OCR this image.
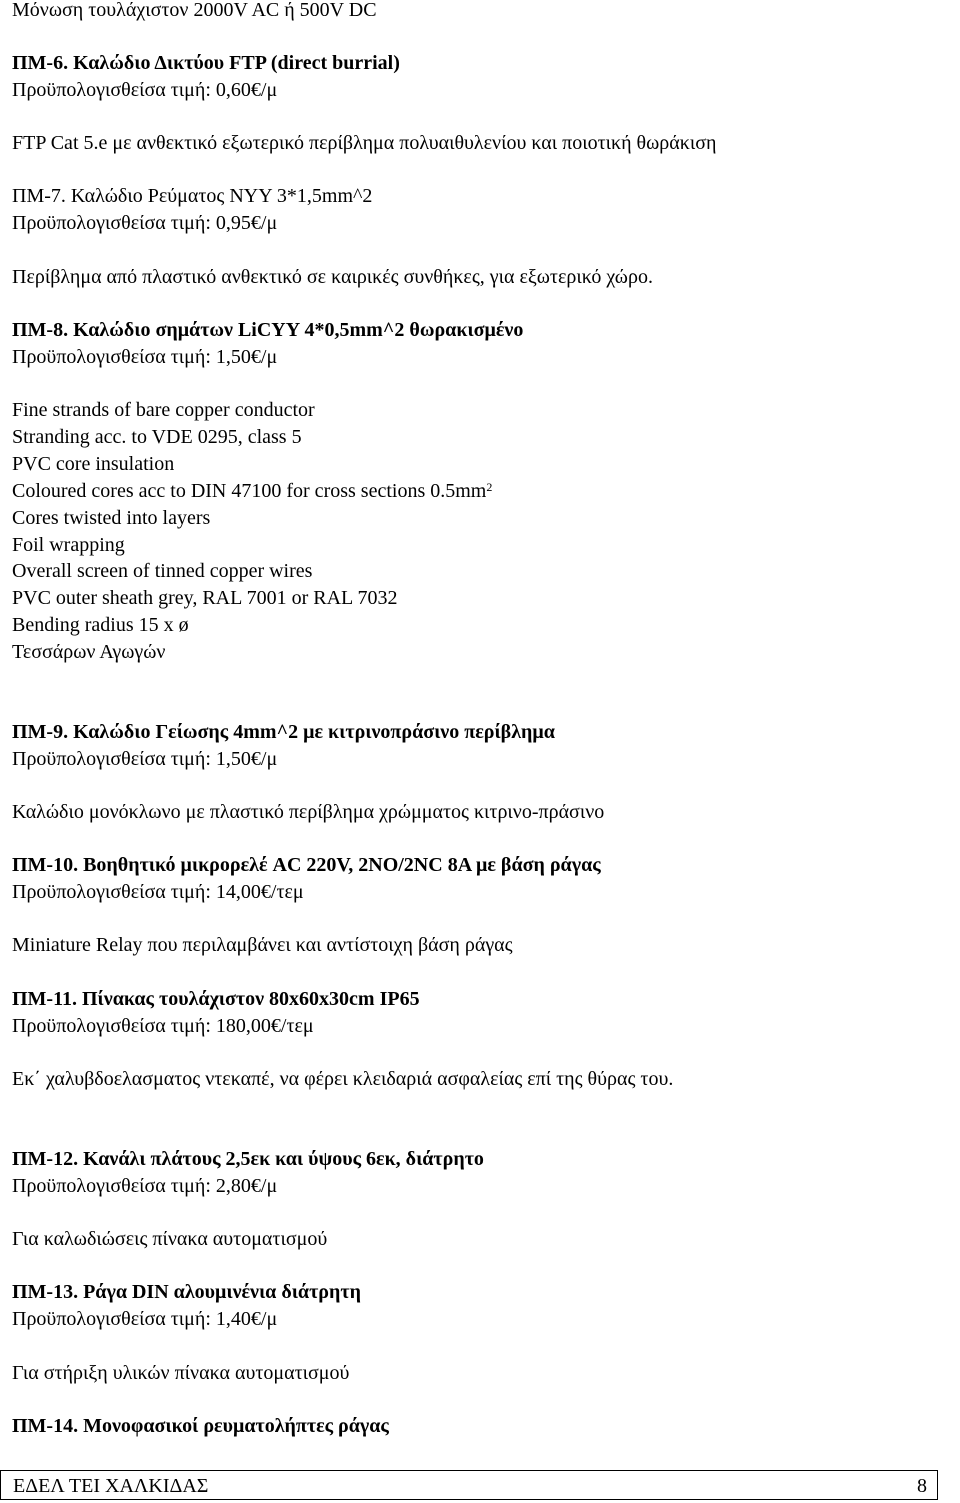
Μόνωση τουλάχιστον 2000V AC ή 500V DC
ΠΜ-6. Καλώδιο Δικτύου FTP (direct burrial)
Προϋπολογισθείσα τιμή: 0,60€/μ
FTP Cat 5.e με ανθεκτικό εξωτερικό περίβλημα πολυαιθυλενίου και ποιοτική θωράκιση
ΠΜ-7. Καλώδιο Ρεύματος NYY 3*1,5mm^2
Προϋπολογισθείσα τιμή: 0,95€/μ
Περίβλημα από πλαστικό ανθεκτικό σε καιρικές συνθήκες, για εξωτερικό χώρο.
ΠΜ-8. Καλώδιο σημάτων LiCYY 4*0,5mm^2 θωρακισμένο
Προϋπολογισθείσα τιμή: 1,50€/μ
Fine strands of bare copper conductor
Stranding acc. to VDE 0295, class 5
PVC core insulation
Coloured cores acc to DIN 47100 for cross sections $0.5mm^2$
Cores twisted into layers
Foil wrapping
Overall screen of tinned copper wires
PVC outer sheath grey, RAL 7001 or RAL 7032
Bending radius 15 x ø
Τεσσάρων Αγωγών
ΠΜ-9. Καλώδιο Γείωσης 4mm^2 με κιτρινοπράσινο περίβλημα
Προϋπολογισθείσα τιμή: 1,50€/μ
Καλώδιο μονόκλωνο με πλαστικό περίβλημα χρώμματος κιτρινο-πράσινο
ΠΜ-10. Βοηθητικό μικρορελέ AC 220V, 2NO/2NC 8A με βάση ράγας
Προϋπολογισθείσα τιμή: 14,00€/τεμ
Miniature Relay που περιλαμβάνει και αντίστοιχη βάση ράγας
ΠΜ-11. Πίνακας τουλάχιστον 80x60x30cm IP65
Προϋπολογισθείσα τιμή: 180,00€/τεμ
Εκ΄ χαλυβδοελασματος ντεκαπέ, να φέρει κλειδαριά ασφαλείας επί της θύρας του.
ΠΜ-12. Κανάλι πλάτους 2,5εκ και ύψους 6εκ, διάτρητο
Προϋπολογισθείσα τιμή: 2,80€/μ
Για καλωδιώσεις πίνακα αυτοματισμού
ΠΜ-13. Ράγα DIN αλουμινένια διάτρητη
Προϋπολογισθείσα τιμή: 1,40€/μ
Για στήριξη υλικών πίνακα αυτοματισμού
ΠΜ-14. Μονοφασικοί ρευματολήπτες ράγας
ΕΔΕΛ ΤΕΙ ΧΑΛΚΙΔΑΣ	8
